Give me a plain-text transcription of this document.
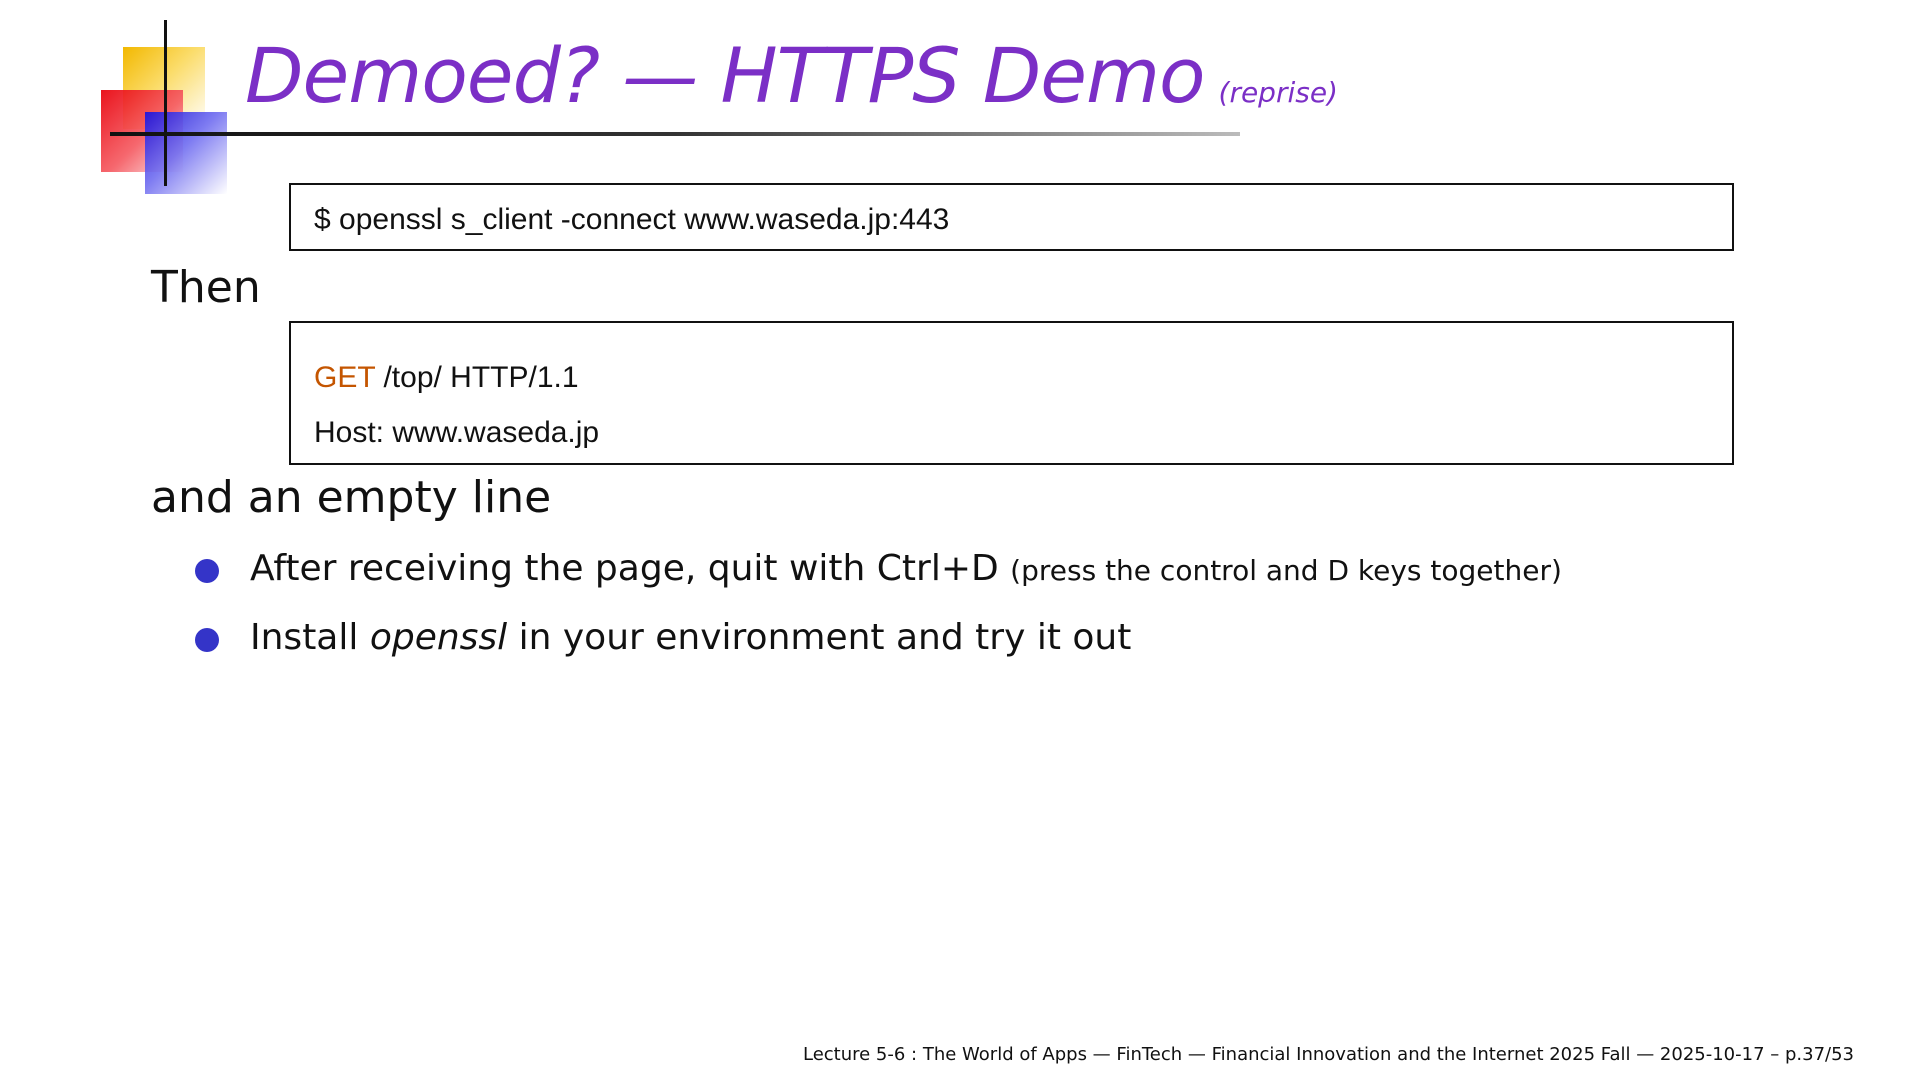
Demoed? — HTTPS Demo (reprise)
$ openssl s_client -connect www.waseda.jp:443
Then
GET /top/ HTTP/1.1
Host: www.waseda.jp
and an empty line
After receiving the page, quit with Ctrl+D (press the control and D keys together)
Install openssl in your environment and try it out
Lecture 5-6 : The World of Apps — FinTech — Financial Innovation and the Internet 2025 Fall — 2025-10-17 – p.37/53
